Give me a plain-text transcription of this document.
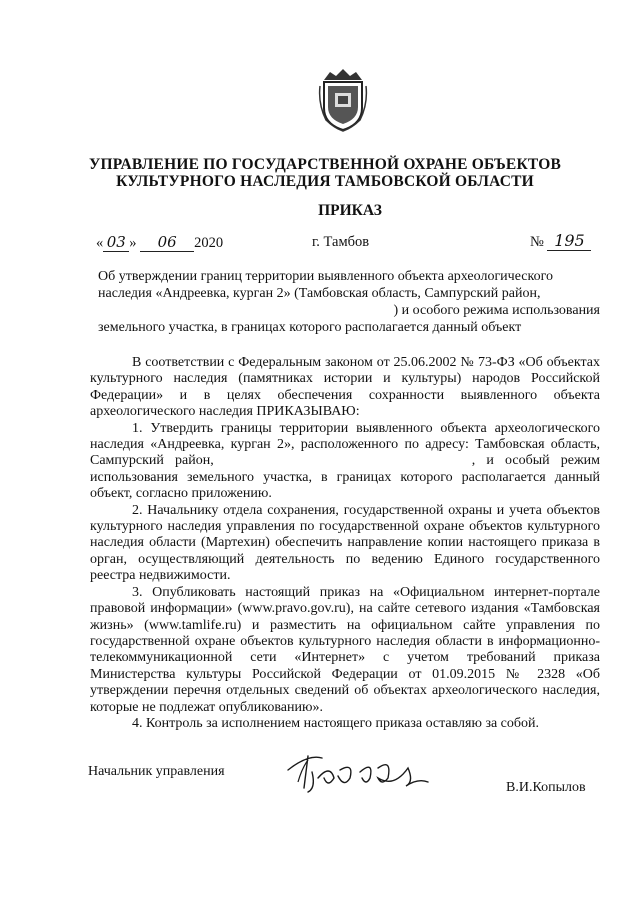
УПРАВЛЕНИЕ ПО ГОСУДАРСТВЕННОЙ ОХРАНЕ ОБЪЕКТОВ
КУЛЬТУРНОГО НАСЛЕДИЯ ТАМБОВСКОЙ ОБЛАСТИ
ПРИКАЗ
« 03 » 06 2020	г. Тамбов	№ 195
Об утверждении границ территории выявленного объекта археологического
наследия «Андреевка, курган 2» (Тамбовская область, Сампурский район,
) и особого режима использования
земельного участка, в границах которого располагается данный объект

В соответствии с Федеральным законом от 25.06.2002 № 73-ФЗ «Об объектах культурного наследия (памятниках истории и культуры) народов Российской Федерации» и в целях обеспечения сохранности выявленного объекта археологического наследия ПРИКАЗЫВАЮ:

1. Утвердить границы территории выявленного объекта археологического наследия «Андреевка, курган 2», расположенного по адресу: Тамбовская область, Сампурский район,	, и особый режим использования земельного участка, в границах которого располагается данный объект, согласно приложению.

2. Начальнику отдела сохранения, государственной охраны и учета объектов культурного наследия управления по государственной охране объектов культурного наследия области (Мартехин) обеспечить направление копии настоящего приказа в орган, осуществляющий деятельность по ведению Единого государственного реестра недвижимости.

3. Опубликовать настоящий приказ на «Официальном интернет-портале правовой информации» (www.pravo.gov.ru), на сайте сетевого издания «Тамбовская жизнь» (www.tamlife.ru) и разместить на официальном сайте управления по государственной охране объектов культурного наследия области в информационно-телекоммуникационной сети «Интернет» с учетом требований приказа Министерства культуры Российской Федерации от 01.09.2015 № 2328 «Об утверждении перечня отдельных сведений об объектах археологического наследия, которые не подлежат опубликованию».

4. Контроль за исполнением настоящего приказа оставляю за собой.

Начальник управления
В.И.Копылов
